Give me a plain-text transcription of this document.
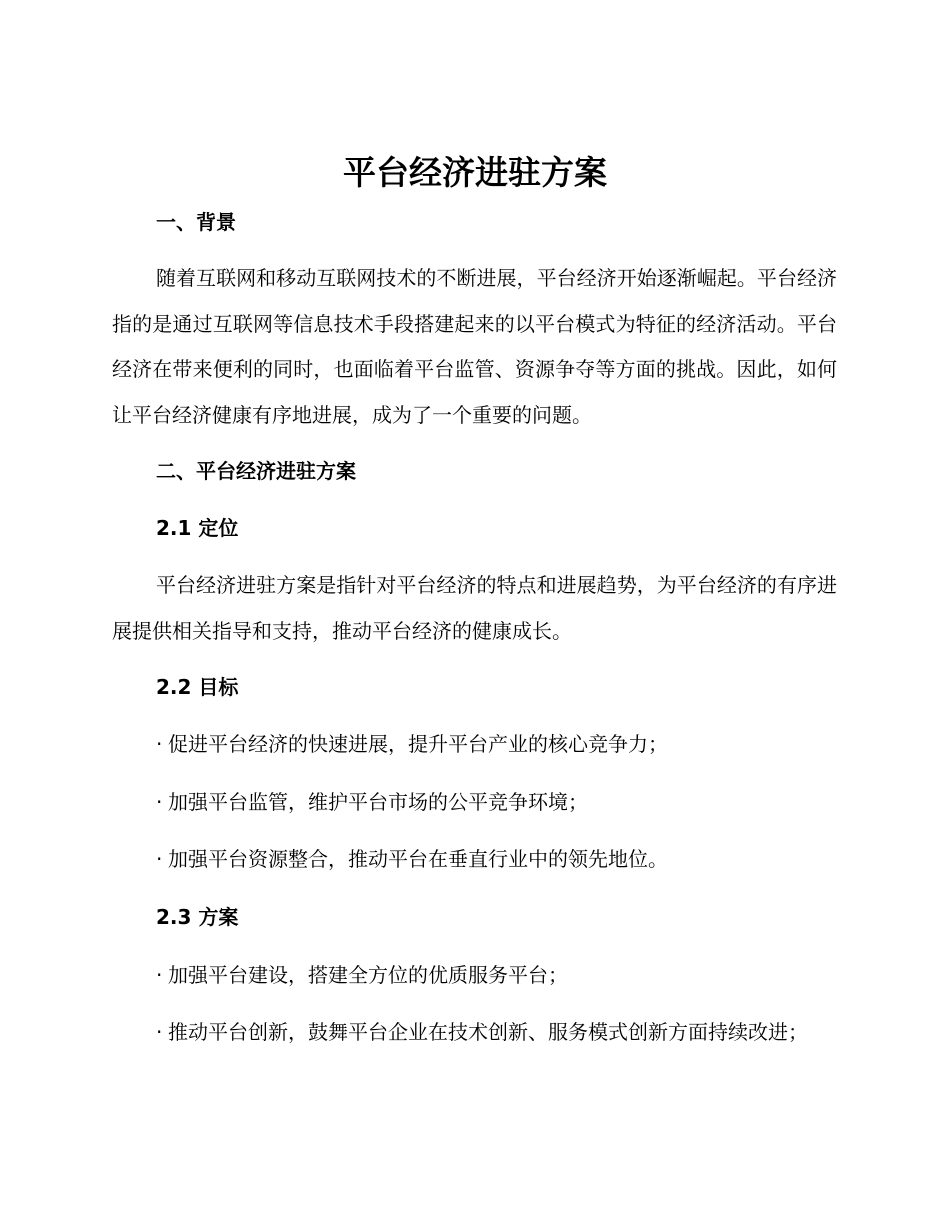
平台经济进驻方案
一、背景

随着互联网和移动互联网技术的不断进展，平台经济开始逐渐崛起。平台经济指的是通过互联网等信息技术手段搭建起来的以平台模式为特征的经济活动。平台经济在带来便利的同时，也面临着平台监管、资源争夺等方面的挑战。因此，如何让平台经济健康有序地进展，成为了一个重要的问题。

二、平台经济进驻方案
2.1 定位

平台经济进驻方案是指针对平台经济的特点和进展趋势，为平台经济的有序进展提供相关指导和支持，推动平台经济的健康成长。

2.2 目标

· 促进平台经济的快速进展，提升平台产业的核心竞争力；

· 加强平台监管，维护平台市场的公平竞争环境；

· 加强平台资源整合，推动平台在垂直行业中的领先地位。

2.3 方案

· 加强平台建设，搭建全方位的优质服务平台；

· 推动平台创新，鼓舞平台企业在技术创新、服务模式创新方面持续改进；
